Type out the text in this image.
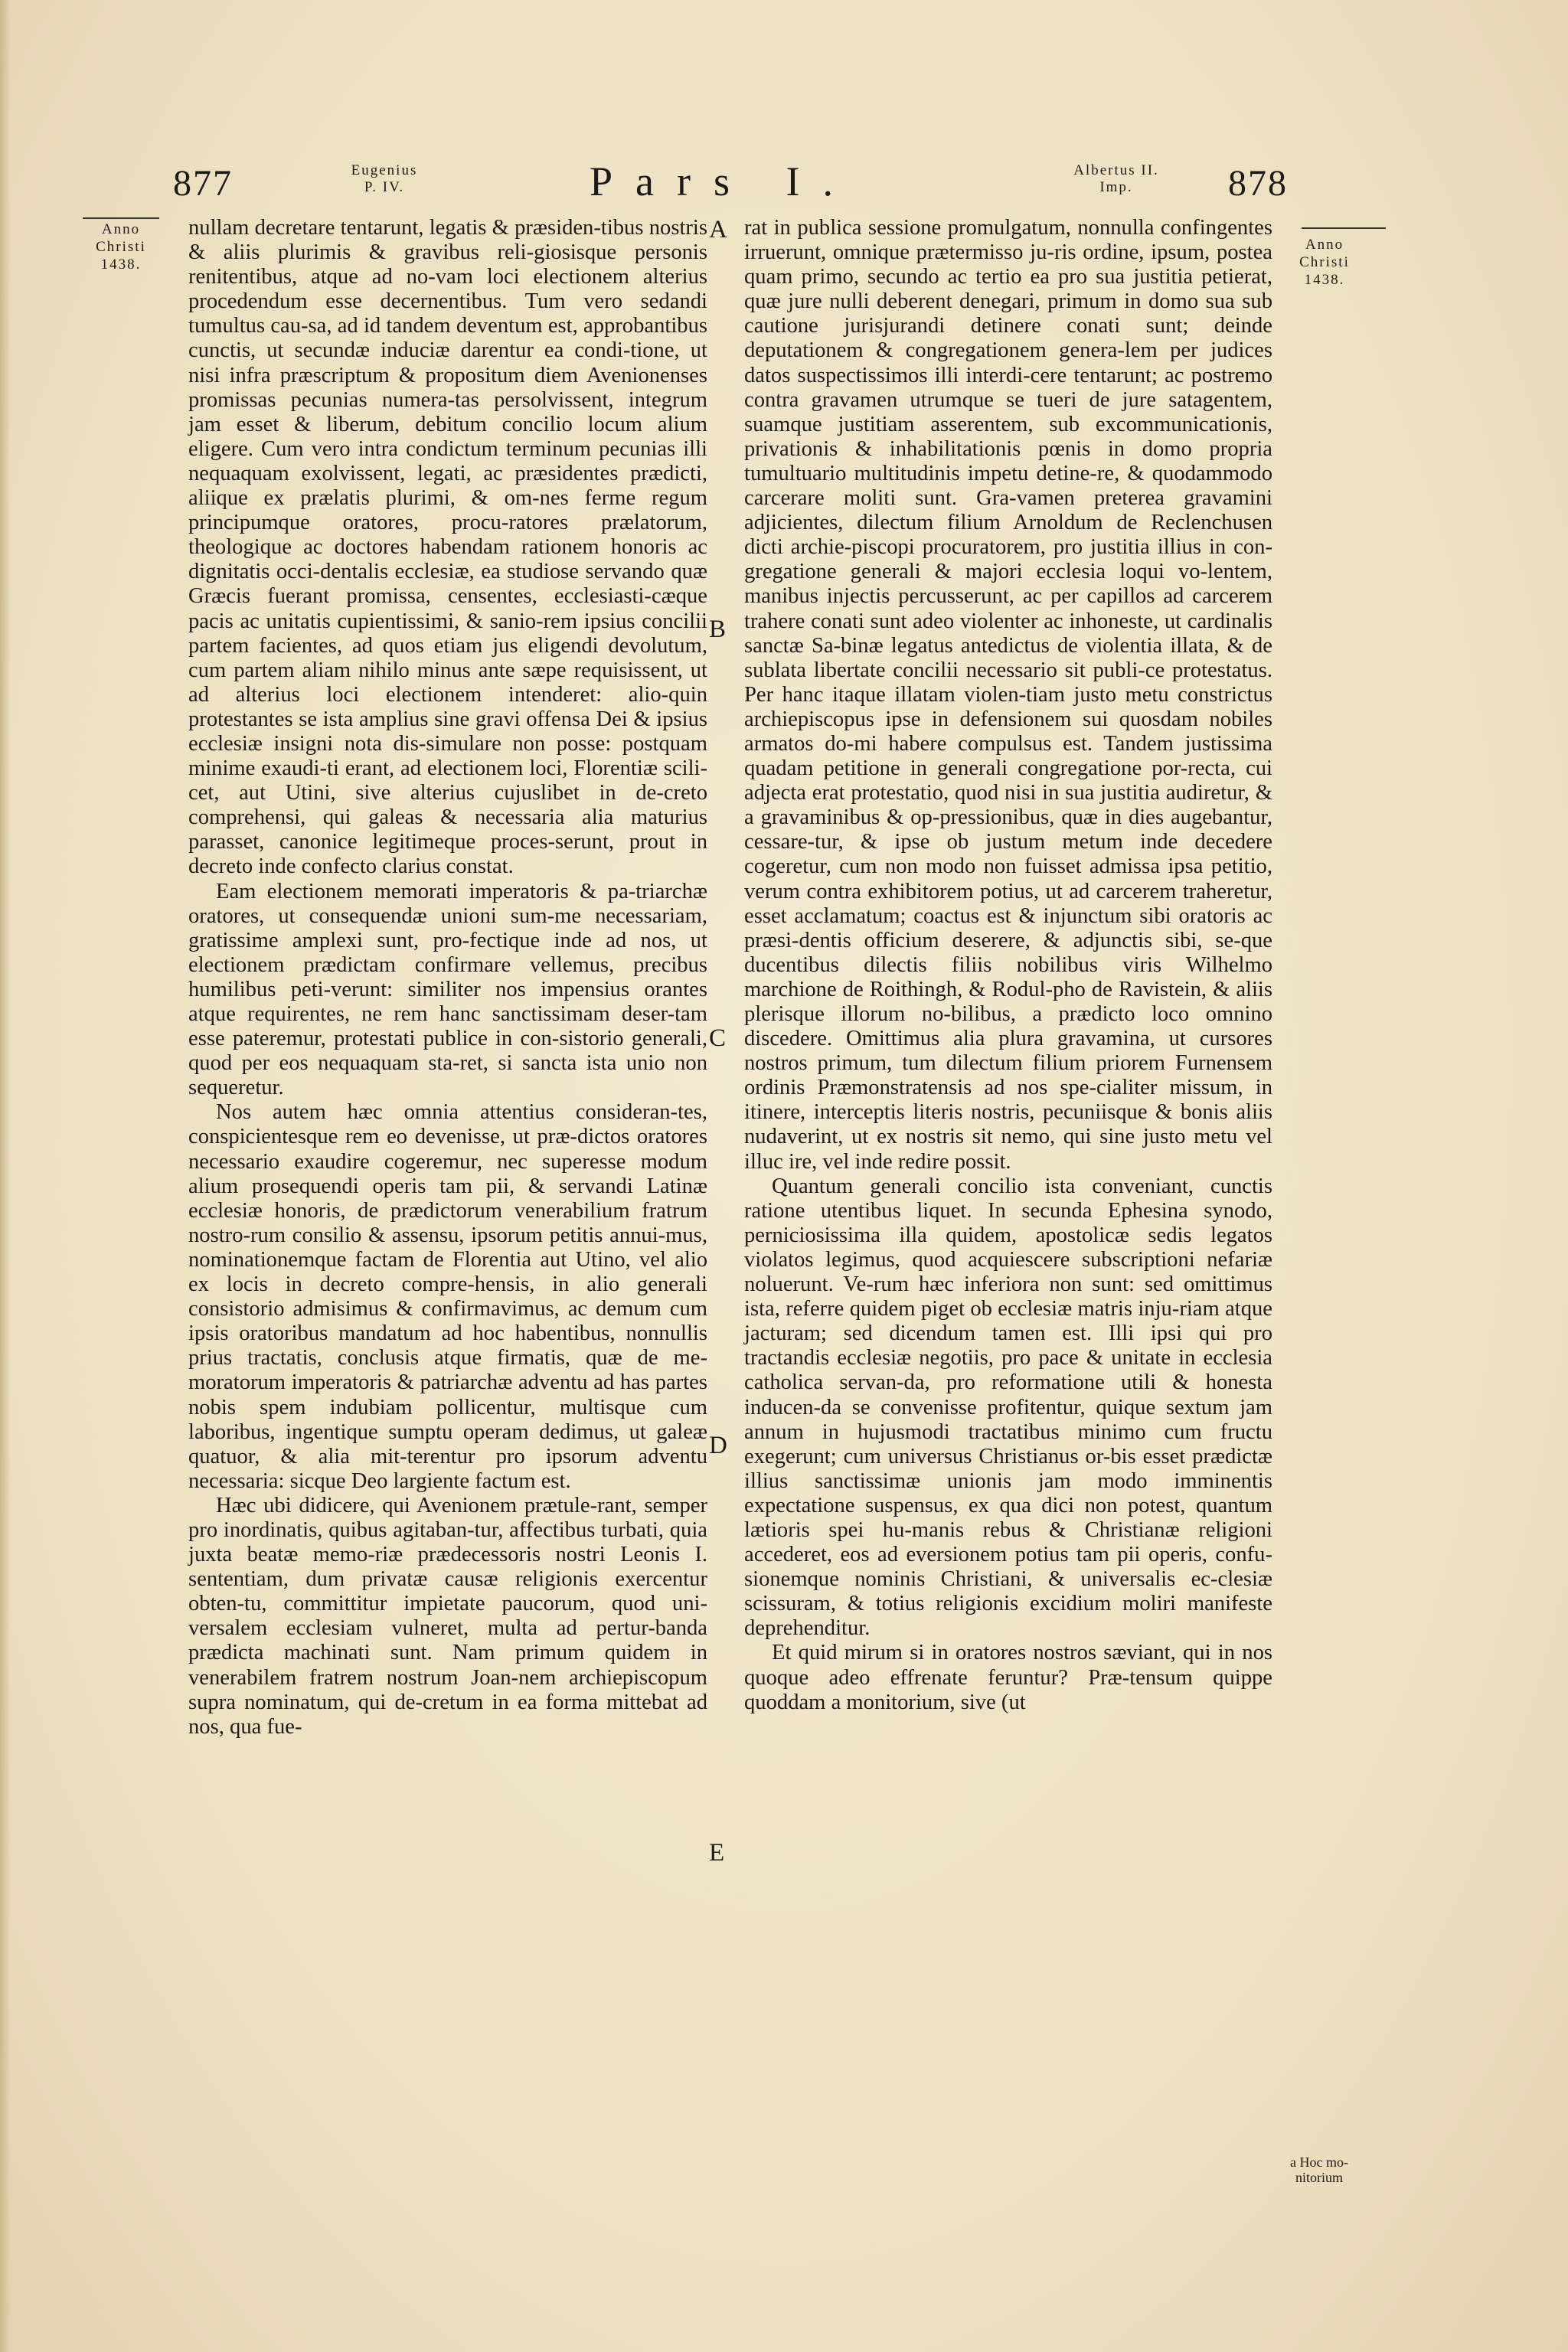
877	Eugenius
P. IV.	Pars I.	Albertus II.
Imp.	878
Anno
Christi
1438.
Anno
Christi
1438.
a Hoc mo-
nitorium
A
B
C
D
E

nullam decretare tentarunt, legatis & præsiden-tibus nostris & aliis plurimis & gravibus reli-giosisque personis renitentibus, atque ad no-vam loci electionem alterius procedendum esse decernentibus. Tum vero sedandi tumultus cau-sa, ad id tandem deventum est, approbantibus cunctis, ut secundæ induciæ darentur ea condi-tione, ut nisi infra præscriptum & propositum diem Avenionenses promissas pecunias numera-tas persolvissent, integrum jam esset & liberum, debitum concilio locum alium eligere. Cum vero intra condictum terminum pecunias illi nequaquam exolvissent, legati, ac præsidentes prædicti, aliique ex prælatis plurimi, & om-nes ferme regum principumque oratores, procu-ratores prælatorum, theologique ac doctores habendam rationem honoris ac dignitatis occi-dentalis ecclesiæ, ea studiose servando quæ Græcis fuerant promissa, censentes, ecclesiasti-cæque pacis ac unitatis cupientissimi, & sanio-rem ipsius concilii partem facientes, ad quos etiam jus eligendi devolutum, cum partem aliam nihilo minus ante sæpe requisissent, ut ad alterius loci electionem intenderet: alio-quin protestantes se ista amplius sine gravi offensa Dei & ipsius ecclesiæ insigni nota dis-simulare non posse: postquam minime exaudi-ti erant, ad electionem loci, Florentiæ scili-cet, aut Utini, sive alterius cujuslibet in de-creto comprehensi, qui galeas & necessaria alia maturius parasset, canonice legitimeque proces-serunt, prout in decreto inde confecto clarius constat.

Eam electionem memorati imperatoris & pa-triarchæ oratores, ut consequendæ unioni sum-me necessariam, gratissime amplexi sunt, pro-fectique inde ad nos, ut electionem prædictam confirmare vellemus, precibus humilibus peti-verunt: similiter nos impensius orantes atque requirentes, ne rem hanc sanctissimam deser-tam esse pateremur, protestati publice in con-sistorio generali, quod per eos nequaquam sta-ret, si sancta ista unio non sequeretur.

Nos autem hæc omnia attentius consideran-tes, conspicientesque rem eo devenisse, ut præ-dictos oratores necessario exaudire cogeremur, nec superesse modum alium prosequendi operis tam pii, & servandi Latinæ ecclesiæ honoris, de prædictorum venerabilium fratrum nostro-rum consilio & assensu, ipsorum petitis annui-mus, nominationemque factam de Florentia aut Utino, vel alio ex locis in decreto compre-hensis, in alio generali consistorio admisimus & confirmavimus, ac demum cum ipsis oratoribus mandatum ad hoc habentibus, nonnullis prius tractatis, conclusis atque firmatis, quæ de me-moratorum imperatoris & patriarchæ adventu ad has partes nobis spem indubiam pollicentur, multisque cum laboribus, ingentique sumptu operam dedimus, ut galeæ quatuor, & alia mit-terentur pro ipsorum adventu necessaria: sicque Deo largiente factum est.

Hæc ubi didicere, qui Avenionem prætule-rant, semper pro inordinatis, quibus agitaban-tur, affectibus turbati, quia juxta beatæ memo-riæ prædecessoris nostri Leonis I. sententiam, dum privatæ causæ religionis exercentur obten-tu, committitur impietate paucorum, quod uni-versalem ecclesiam vulneret, multa ad pertur-banda prædicta machinati sunt. Nam primum quidem in venerabilem fratrem nostrum Joan-nem archiepiscopum supra nominatum, qui de-cretum in ea forma mittebat ad nos, qua fue-

rat in publica sessione promulgatum, nonnulla confingentes irruerunt, omnique prætermisso ju-ris ordine, ipsum, postea quam primo, secundo ac tertio ea pro sua justitia petierat, quæ jure nulli deberent denegari, primum in domo sua sub cautione jurisjurandi detinere conati sunt; deinde deputationem & congregationem genera-lem per judices datos suspectissimos illi interdi-cere tentarunt; ac postremo contra gravamen utrumque se tueri de jure satagentem, suamque justitiam asserentem, sub excommunicationis, privationis & inhabilitationis pœnis in domo propria tumultuario multitudinis impetu detine-re, & quodammodo carcerare moliti sunt. Gra-vamen preterea gravamini adjicientes, dilectum filium Arnoldum de Reclenchusen dicti archie-piscopi procuratorem, pro justitia illius in con-gregatione generali & majori ecclesia loqui vo-lentem, manibus injectis percusserunt, ac per capillos ad carcerem trahere conati sunt adeo violenter ac inhoneste, ut cardinalis sanctæ Sa-binæ legatus antedictus de violentia illata, & de sublata libertate concilii necessario sit publi-ce protestatus. Per hanc itaque illatam violen-tiam justo metu constrictus archiepiscopus ipse in defensionem sui quosdam nobiles armatos do-mi habere compulsus est. Tandem justissima quadam petitione in generali congregatione por-recta, cui adjecta erat protestatio, quod nisi in sua justitia audiretur, & a gravaminibus & op-pressionibus, quæ in dies augebantur, cessare-tur, & ipse ob justum metum inde decedere cogeretur, cum non modo non fuisset admissa ipsa petitio, verum contra exhibitorem potius, ut ad carcerem traheretur, esset acclamatum; coactus est & injunctum sibi oratoris ac præsi-dentis officium deserere, & adjunctis sibi, se-que ducentibus dilectis filiis nobilibus viris Wilhelmo marchione de Roithingh, & Rodul-pho de Ravistein, & aliis plerisque illorum no-bilibus, a prædicto loco omnino discedere. Omittimus alia plura gravamina, ut cursores nostros primum, tum dilectum filium priorem Furnensem ordinis Præmonstratensis ad nos spe-cialiter missum, in itinere, interceptis literis nostris, pecuniisque & bonis aliis nudaverint, ut ex nostris sit nemo, qui sine justo metu vel illuc ire, vel inde redire possit.

Quantum generali concilio ista conveniant, cunctis ratione utentibus liquet. In secunda Ephesina synodo, perniciosissima illa quidem, apostolicæ sedis legatos violatos legimus, quod acquiescere subscriptioni nefariæ noluerunt. Ve-rum hæc inferiora non sunt: sed omittimus ista, referre quidem piget ob ecclesiæ matris inju-riam atque jacturam; sed dicendum tamen est. Illi ipsi qui pro tractandis ecclesiæ negotiis, pro pace & unitate in ecclesia catholica servan-da, pro reformatione utili & honesta inducen-da se convenisse profitentur, quique sextum jam annum in hujusmodi tractatibus minimo cum fructu exegerunt; cum universus Christianus or-bis esset prædictæ illius sanctissimæ unionis jam modo imminentis expectatione suspensus, ex qua dici non potest, quantum lætioris spei hu-manis rebus & Christianæ religioni accederet, eos ad eversionem potius tam pii operis, confu-sionemque nominis Christiani, & universalis ec-clesiæ scissuram, & totius religionis excidium moliri manifeste deprehenditur.

Et quid mirum si in oratores nostros sæviant, qui in nos quoque adeo effrenate feruntur? Præ-tensum quippe quoddam a monitorium, sive (ut
